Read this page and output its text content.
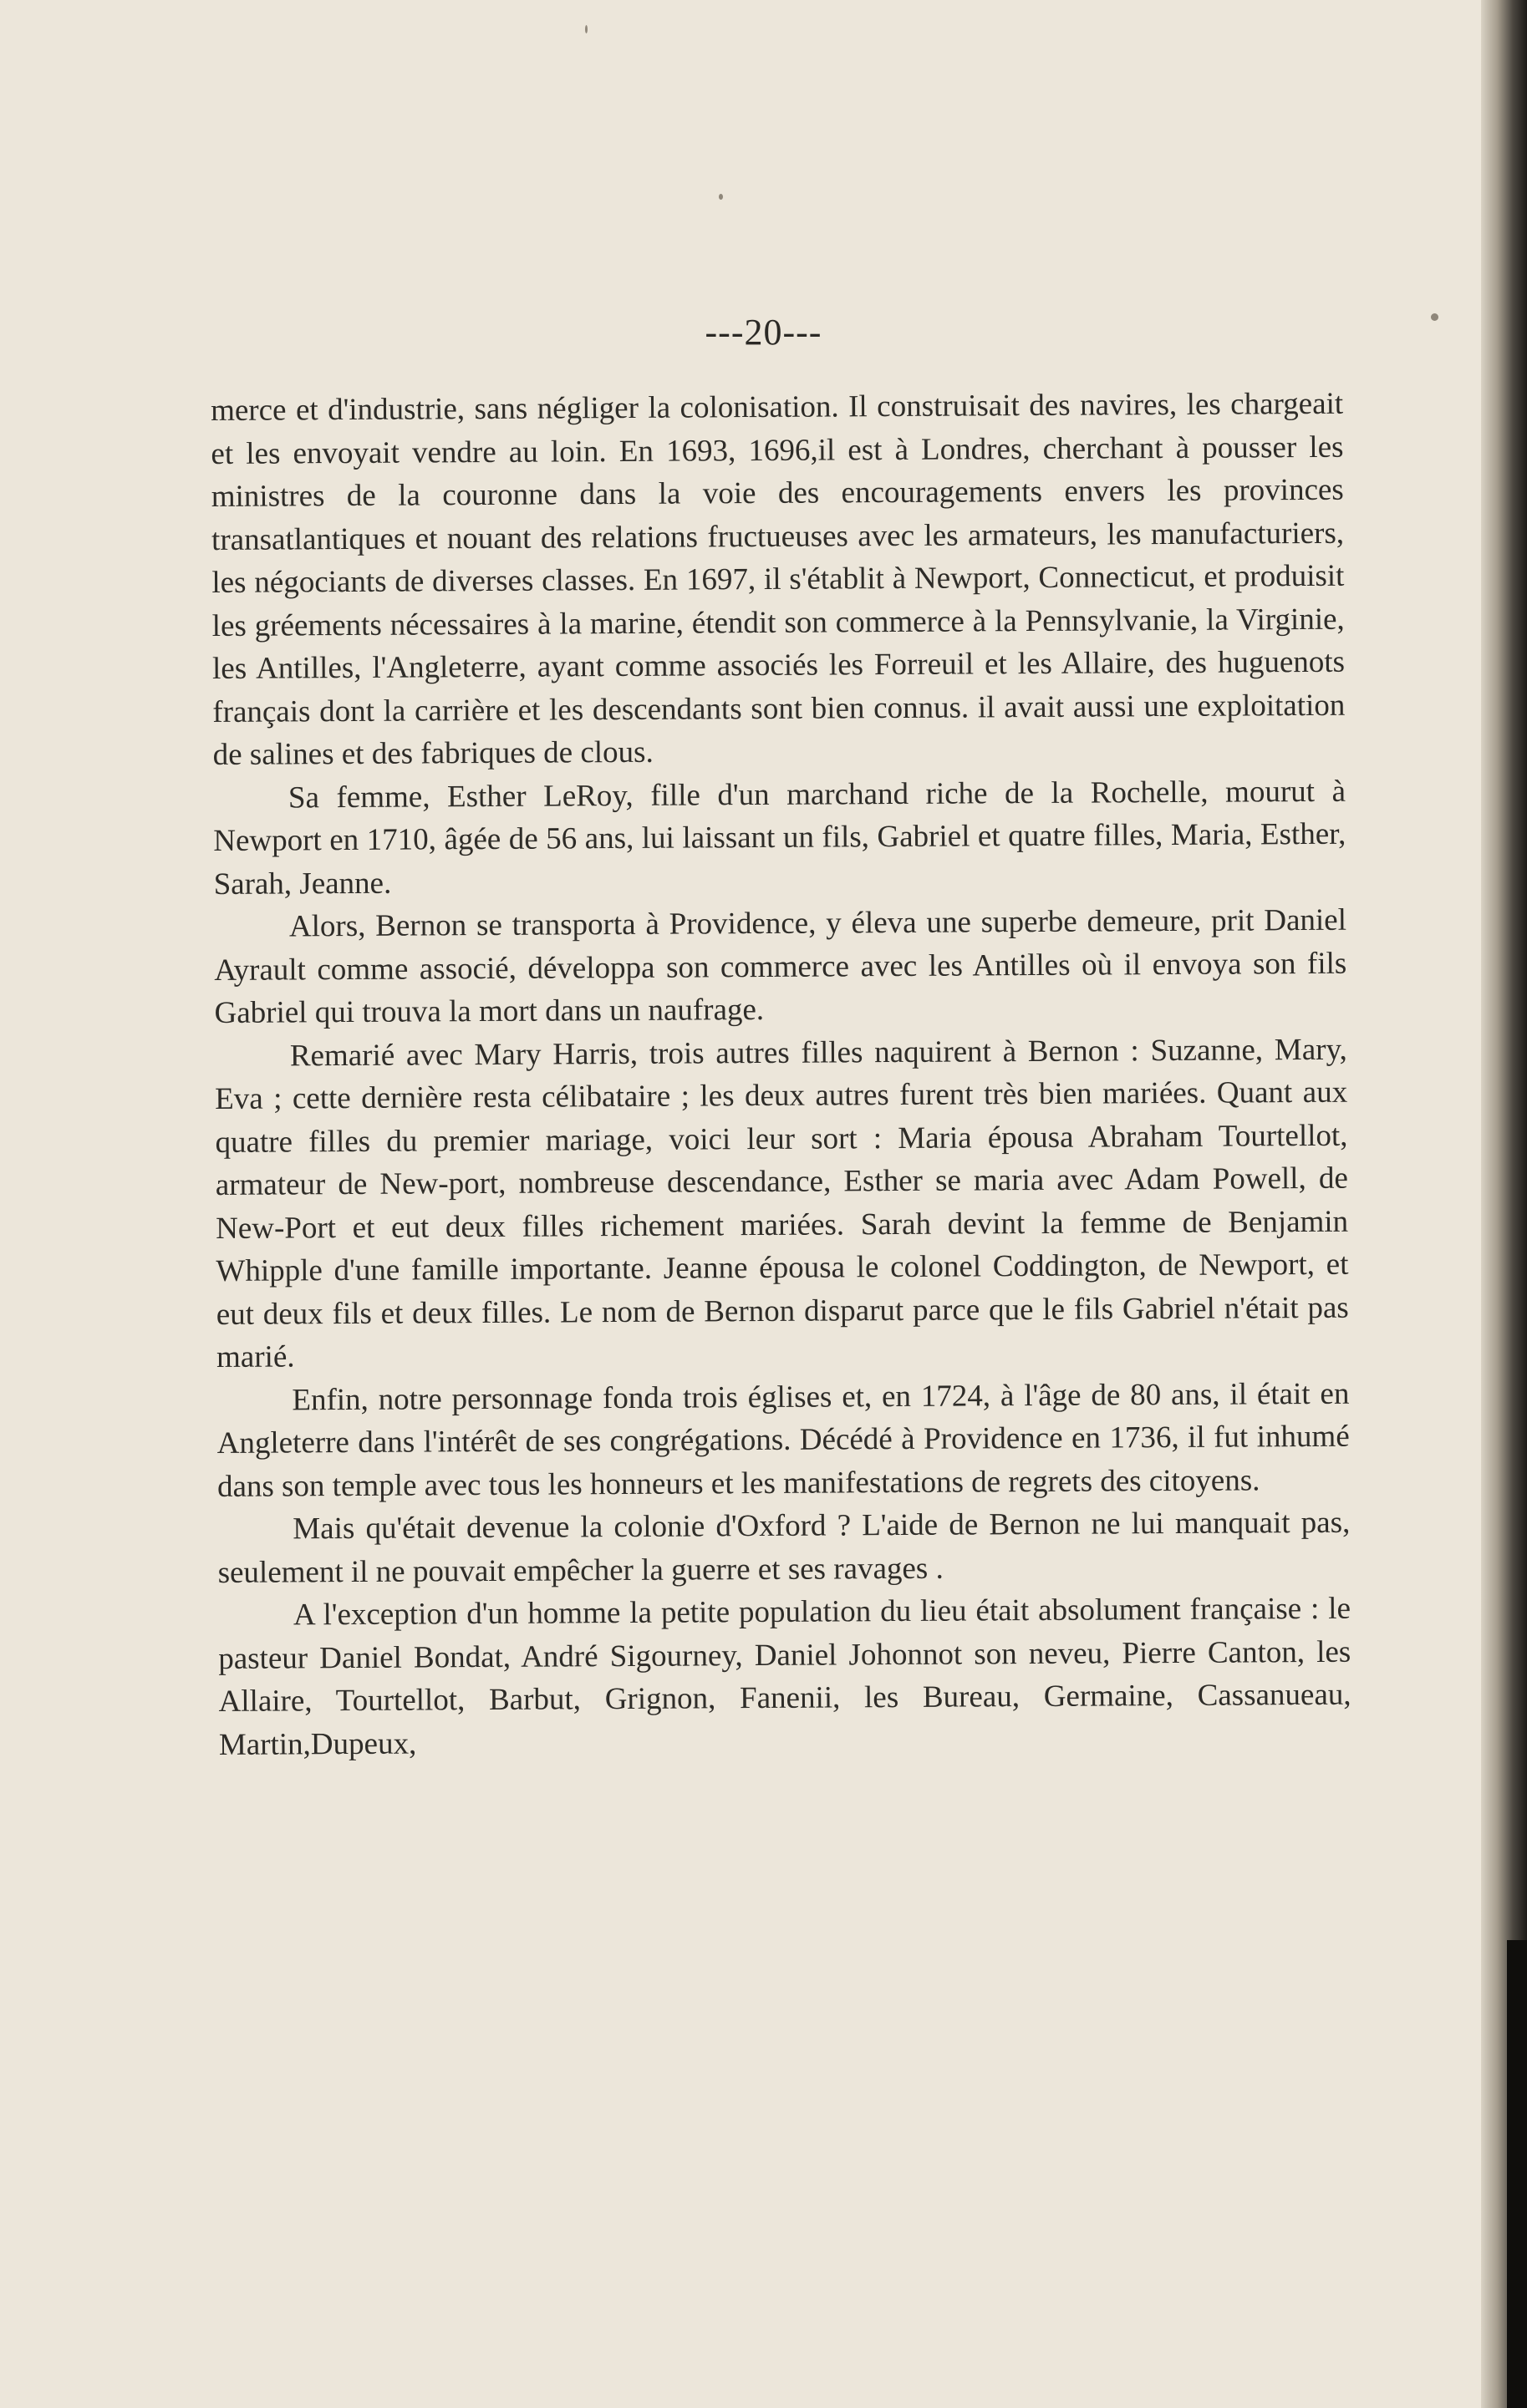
---20---

merce et d'industrie, sans négliger la colonisation. Il construisait des navires, les chargeait et les envoyait vendre au loin. En 1693, 1696,il est à Londres, cherchant à pousser les ministres de la couronne dans la voie des encouragements envers les provinces transatlantiques et nouant des relations fructueuses avec les armateurs, les manufacturiers, les négociants de diverses classes. En 1697, il s'établit à Newport, Connecticut, et produisit les gréements nécessaires à la marine, étendit son commerce à la Pennsylvanie, la Virginie, les Antilles, l'Angleterre, ayant comme associés les Forreuil et les Allaire, des huguenots français dont la carrière et les descendants sont bien connus. il avait aussi une exploitation de salines et des fabriques de clous.

Sa femme, Esther LeRoy, fille d'un marchand riche de la Rochelle, mourut à Newport en 1710, âgée de 56 ans, lui laissant un fils, Gabriel et quatre filles, Maria, Esther, Sarah, Jeanne.

Alors, Bernon se transporta à Providence, y éleva une superbe demeure, prit Daniel Ayrault comme associé, développa son commerce avec les Antilles où il envoya son fils Gabriel qui trouva la mort dans un naufrage.

Remarié avec Mary Harris, trois autres filles naquirent à Bernon : Suzanne, Mary, Eva ; cette dernière resta célibataire ; les deux autres furent très bien mariées. Quant aux quatre filles du premier mariage, voici leur sort : Maria épousa Abraham Tourtellot, armateur de New-port, nombreuse descendance, Esther se maria avec Adam Powell, de New-Port et eut deux filles richement mariées. Sarah devint la femme de Benjamin Whipple d'une famille importante. Jeanne épousa le colonel Coddington, de Newport, et eut deux fils et deux filles. Le nom de Bernon disparut parce que le fils Gabriel n'était pas marié.

Enfin, notre personnage fonda trois églises et, en 1724, à l'âge de 80 ans, il était en Angleterre dans l'intérêt de ses congrégations. Décédé à Providence en 1736, il fut inhumé dans son temple avec tous les honneurs et les manifestations de regrets des citoyens.

Mais qu'était devenue la colonie d'Oxford ? L'aide de Bernon ne lui manquait pas, seulement il ne pouvait empêcher la guerre et ses ravages .

A l'exception d'un homme la petite population du lieu était absolument française : le pasteur Daniel Bondat, André Sigourney, Daniel Johonnot son neveu, Pierre Canton, les Allaire, Tourtellot, Barbut, Grignon, Fanenii, les Bureau, Germaine, Cassanueau, Martin,Dupeux,
